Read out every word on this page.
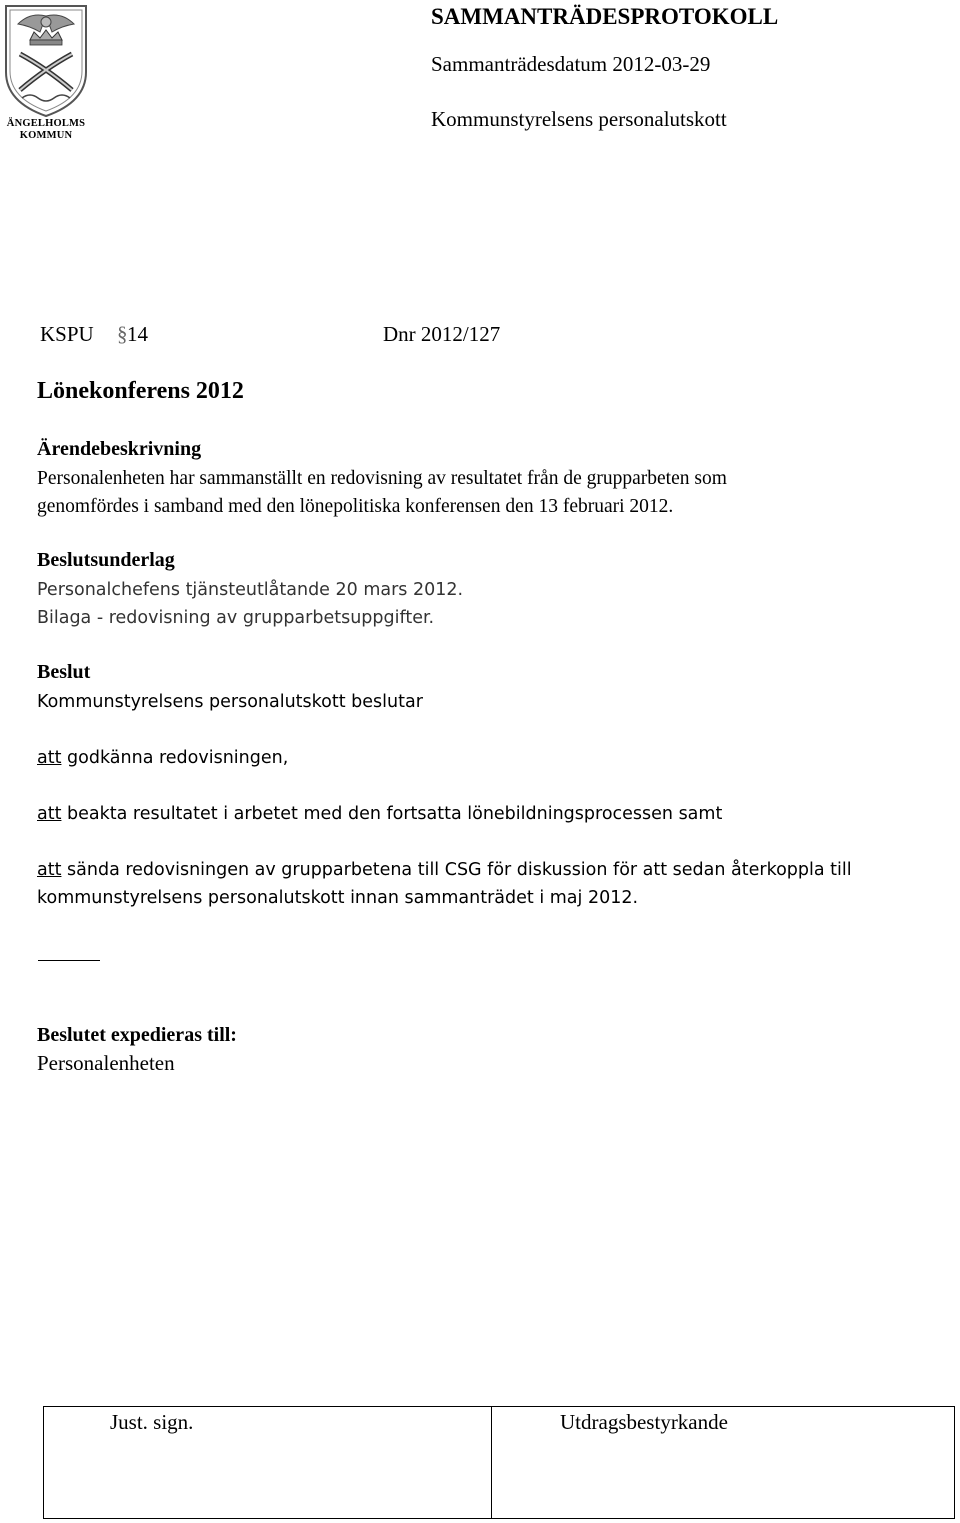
ÄNGELHOLMS
KOMMUN
SAMMANTRÄDESPROTOKOLL
Sammanträdesdatum 2012-03-29
Kommunstyrelsens personalutskott
KSPU § 14	Dnr 2012/127
Lönekonferens 2012
Ärendebeskrivning
Personalenheten har sammanställt en redovisning av resultatet från de grupparbeten som
genomfördes i samband med den lönepolitiska konferensen den 13 februari 2012.
Beslutsunderlag
Personalchefens tjänsteutlåtande 20 mars 2012.
Bilaga - redovisning av grupparbetsuppgifter.
Beslut
Kommunstyrelsens personalutskott beslutar
att godkänna redovisningen,
att beakta resultatet i arbetet med den fortsatta lönebildningsprocessen samt
att sända redovisningen av grupparbetena till CSG för diskussion för att sedan återkoppla till
kommunstyrelsens personalutskott innan sammanträdet i maj 2012.
Beslutet expedieras till:
Personalenheten
Just. sign.	Utdragsbestyrkande
